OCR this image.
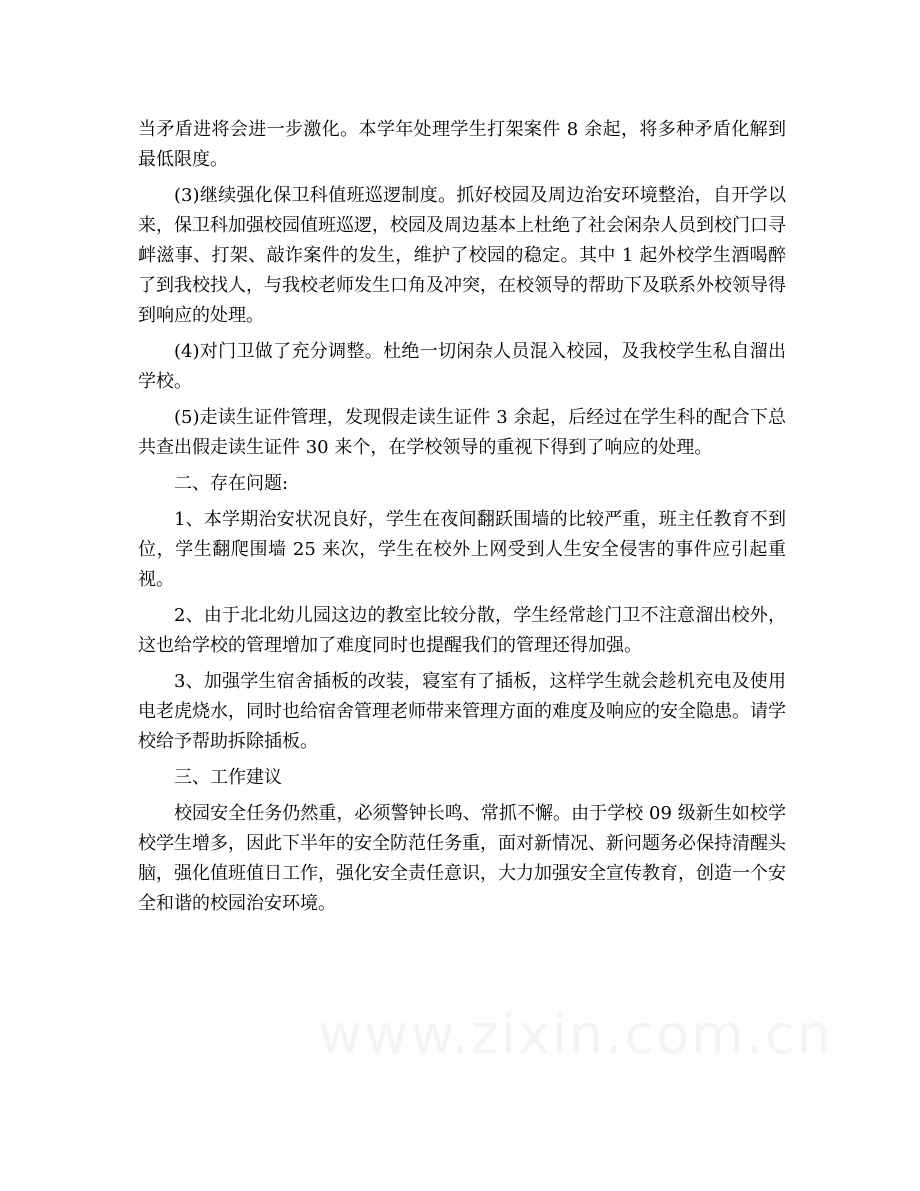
当矛盾进将会进一步激化。本学年处理学生打架案件 8 余起，将多种矛盾化解到最低限度。

(3)继续强化保卫科值班巡逻制度。抓好校园及周边治安环境整治，自开学以来，保卫科加强校园值班巡逻，校园及周边基本上杜绝了社会闲杂人员到校门口寻衅滋事、打架、敲诈案件的发生，维护了校园的稳定。其中 1 起外校学生酒喝醉了到我校找人，与我校老师发生口角及冲突，在校领导的帮助下及联系外校领导得到响应的处理。

(4)对门卫做了充分调整。杜绝一切闲杂人员混入校园，及我校学生私自溜出学校。

(5)走读生证件管理，发现假走读生证件 3 余起，后经过在学生科的配合下总共查出假走读生证件 30 来个，在学校领导的重视下得到了响应的处理。

二、存在问题:

1、本学期治安状况良好，学生在夜间翻跃围墙的比较严重，班主任教育不到位，学生翻爬围墙 25 来次，学生在校外上网受到人生安全侵害的事件应引起重视。

2、由于北北幼儿园这边的教室比较分散，学生经常趁门卫不注意溜出校外，这也给学校的管理增加了难度同时也提醒我们的管理还得加强。

3、加强学生宿舍插板的改装，寝室有了插板，这样学生就会趁机充电及使用电老虎烧水，同时也给宿舍管理老师带来管理方面的难度及响应的安全隐患。请学校给予帮助拆除插板。

三、工作建议

校园安全任务仍然重，必须警钟长鸣、常抓不懈。由于学校 09 级新生如校学校学生增多，因此下半年的安全防范任务重，面对新情况、新问题务必保持清醒头脑，强化值班值日工作，强化安全责任意识，大力加强安全宣传教育，创造一个安全和谐的校园治安环境。

www.zixin.com.cn
